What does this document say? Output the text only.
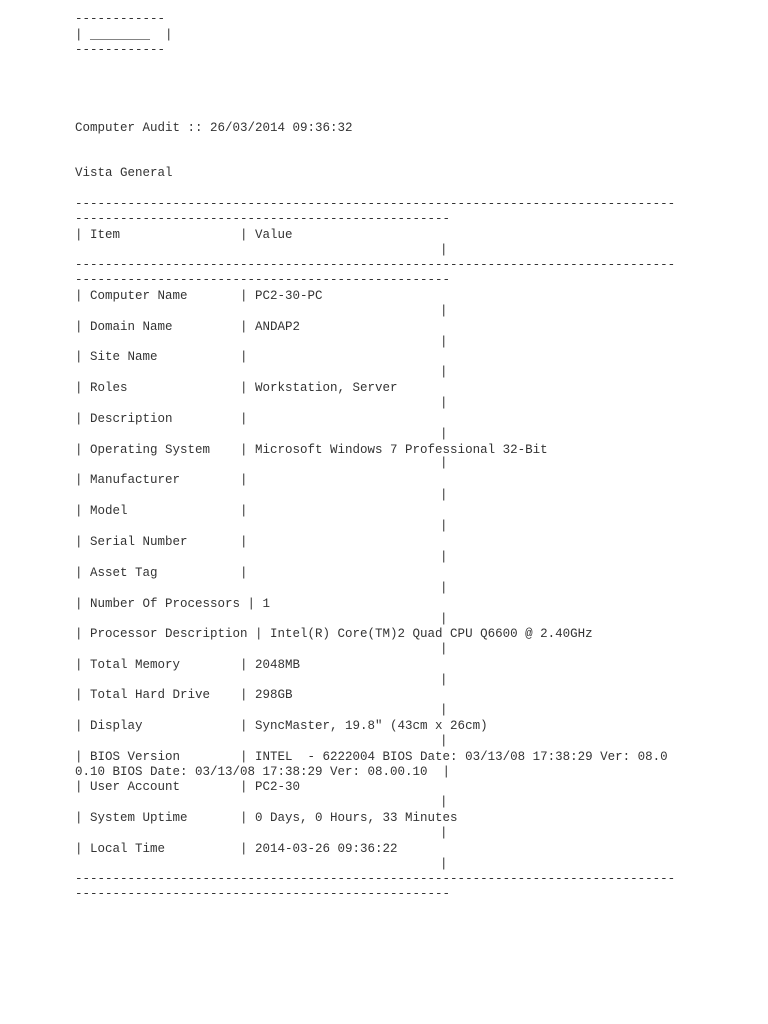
------------
| ________  |
------------
Computer Audit :: 26/03/2014 09:36:32
Vista General
--------------------------------------------------------------------------------
--------------------------------------------------
| Item                | Value
|
--------------------------------------------------------------------------------
--------------------------------------------------
| Computer Name       | PC2-30-PC
|
| Domain Name         | ANDAP2
|
| Site Name           |
|
| Roles               | Workstation, Server
|
| Description         |
|
| Operating System    | Microsoft Windows 7 Professional 32-Bit
|
| Manufacturer        |
|
| Model               |
|
| Serial Number       |
|
| Asset Tag           |
|
| Number Of Processors | 1
|
| Processor Description | Intel(R) Core(TM)2 Quad CPU Q6600 @ 2.40GHz
|
| Total Memory        | 2048MB
|
| Total Hard Drive    | 298GB
|
| Display             | SyncMaster, 19.8" (43cm x 26cm)
|
| BIOS Version        | INTEL  - 6222004 BIOS Date: 03/13/08 17:38:29 Ver: 08.0
0.10 BIOS Date: 03/13/08 17:38:29 Ver: 08.00.10  |
| User Account        | PC2-30
|
| System Uptime       | 0 Days, 0 Hours, 33 Minutes
|
| Local Time          | 2014-03-26 09:36:22
|
--------------------------------------------------------------------------------
--------------------------------------------------
